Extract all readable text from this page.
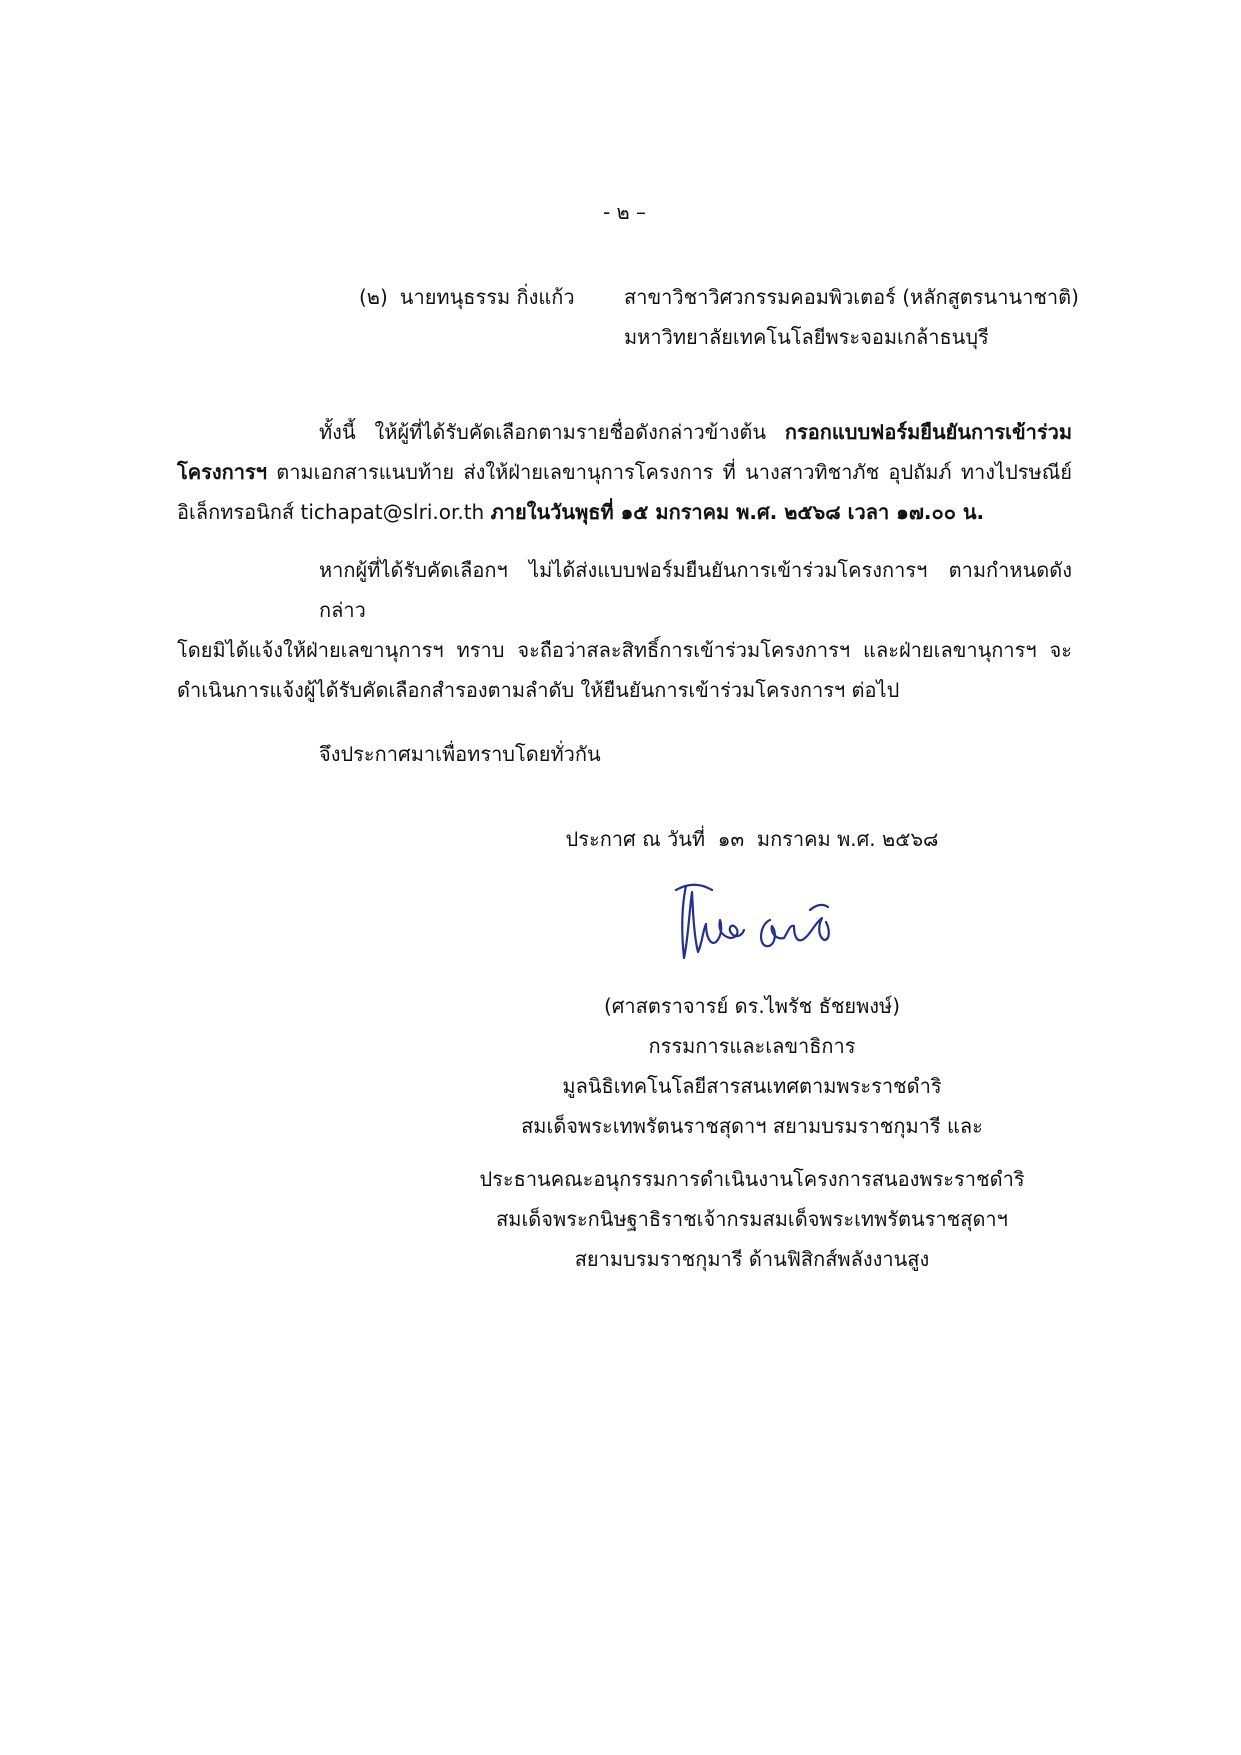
- ๒ –
(๒) นายทนุธรรม กิ่งแก้ว	สาขาวิชาวิศวกรรมคอมพิวเตอร์ (หลักสูตรนานาชาติ)
มหาวิทยาลัยเทคโนโลยีพระจอมเกล้าธนบุรี
ทั้งนี้ ให้ผู้ที่ได้รับคัดเลือกตามรายชื่อดังกล่าวข้างต้น กรอกแบบฟอร์มยืนยันการเข้าร่วม
โครงการฯ ตามเอกสารแนบท้าย ส่งให้ฝ่ายเลขานุการโครงการ ที่ นางสาวทิชาภัช อุปถัมภ์ ทางไปรษณีย์
อิเล็กทรอนิกส์ tichapat@slri.or.th ภายในวันพุธที่ ๑๕ มกราคม พ.ศ. ๒๕๖๘ เวลา ๑๗.๐๐ น.
หากผู้ที่ได้รับคัดเลือกฯ ไม่ได้ส่งแบบฟอร์มยืนยันการเข้าร่วมโครงการฯ ตามกำหนดดังกล่าว
โดยมิได้แจ้งให้ฝ่ายเลขานุการฯ ทราบ จะถือว่าสละสิทธิ์การเข้าร่วมโครงการฯ และฝ่ายเลขานุการฯ จะ
ดำเนินการแจ้งผู้ได้รับคัดเลือกสำรองตามลำดับ ให้ยืนยันการเข้าร่วมโครงการฯ ต่อไป
จึงประกาศมาเพื่อทราบโดยทั่วกัน
ประกาศ ณ วันที่  ๑๓  มกราคม พ.ศ. ๒๕๖๘
(ศาสตราจารย์ ดร.ไพรัช ธัชยพงษ์)
กรรมการและเลขาธิการ
มูลนิธิเทคโนโลยีสารสนเทศตามพระราชดำริ
สมเด็จพระเทพรัตนราชสุดาฯ สยามบรมราชกุมารี และ
ประธานคณะอนุกรรมการดำเนินงานโครงการสนองพระราชดำริ
สมเด็จพระกนิษฐาธิราชเจ้ากรมสมเด็จพระเทพรัตนราชสุดาฯ
สยามบรมราชกุมารี ด้านฟิสิกส์พลังงานสูง
